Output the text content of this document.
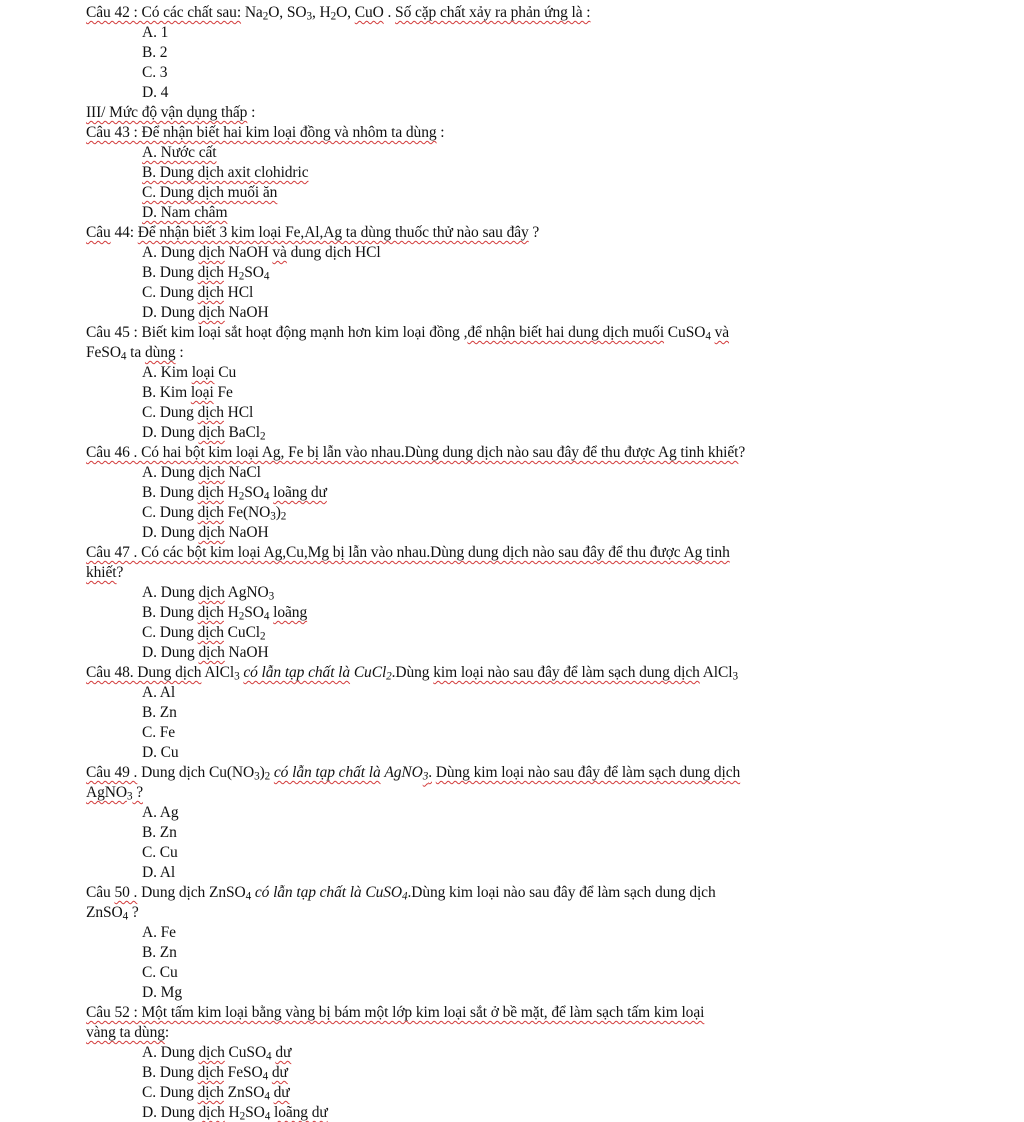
Câu 42 : Có các chất sau: $Na_2O$, $SO_3$, $H_2O$, CuO . Số cặp chất xảy ra phản ứng là :
A. 1
B. 2
C. 3
D. 4
III/ Mức độ vận dụng thấp :
Câu 43 : Để nhận biết hai kim loại đồng và nhôm ta dùng :
A. Nước cất
B. Dung dịch axit clohidric
C. Dung dịch muối ăn
D. Nam châm
Câu 44: Để nhận biết 3 kim loại Fe,Al,Ag ta dùng thuốc thử nào sau đây ?
A. Dung dịch NaOH và dung dịch HCl
B. Dung dịch $H_2SO_4$
C. Dung dịch HCl
D. Dung dịch NaOH
Câu 45 : Biết kim loại sắt hoạt động mạnh hơn kim loại đồng ,để nhận biết hai dung dịch muối CuSO$_4$ và
FeSO$_4$ ta dùng :
A. Kim loại Cu
B. Kim loại Fe
C. Dung dịch HCl
D. Dung dịch BaCl$_2$
Câu 46 . Có hai bột kim loại Ag, Fe bị lẫn vào nhau.Dùng dung dịch nào sau đây để thu được Ag tinh khiết?
A. Dung dịch NaCl
B. Dung dịch $H_2SO_4$ loãng dư
C. Dung dịch $Fe(NO_3)_2$
D. Dung dịch NaOH
Câu 47 . Có các bột kim loại Ag,Cu,Mg bị lẫn vào nhau.Dùng dung dịch nào sau đây để thu được Ag tinh
khiết?
A. Dung dịch AgNO$_3$
B. Dung dịch $H_2SO_4$ loãng
C. Dung dịch CuCl$_2$
D. Dung dịch NaOH
Câu 48. Dung dịch AlCl$_3$ có lẫn tạp chất là CuCl$_2$.Dùng kim loại nào sau đây để làm sạch dung dịch AlCl$_3$
A. Al
B. Zn
C. Fe
D. Cu
Câu 49 . Dung dịch $Cu(NO_3)_2$ có lẫn tạp chất là AgNO$_3$. Dùng kim loại nào sau đây để làm sạch dung dịch
AgNO$_3$ ?
A. Ag
B. Zn
C. Cu
D. Al
Câu 50 . Dung dịch ZnSO$_4$ có lẫn tạp chất là CuSO$_4$.Dùng kim loại nào sau đây để làm sạch dung dịch
ZnSO$_4$ ?
A. Fe
B. Zn
C. Cu
D. Mg
Câu 52 : Một tấm kim loại bằng vàng bị bám một lớp kim loại sắt ở bề mặt, để làm sạch tấm kim loại
vàng ta dùng:
A. Dung dịch CuSO$_4$ dư
B. Dung dịch FeSO$_4$ dư
C. Dung dịch ZnSO$_4$ dư
D. Dung dịch $H_2SO_4$ loãng dư
